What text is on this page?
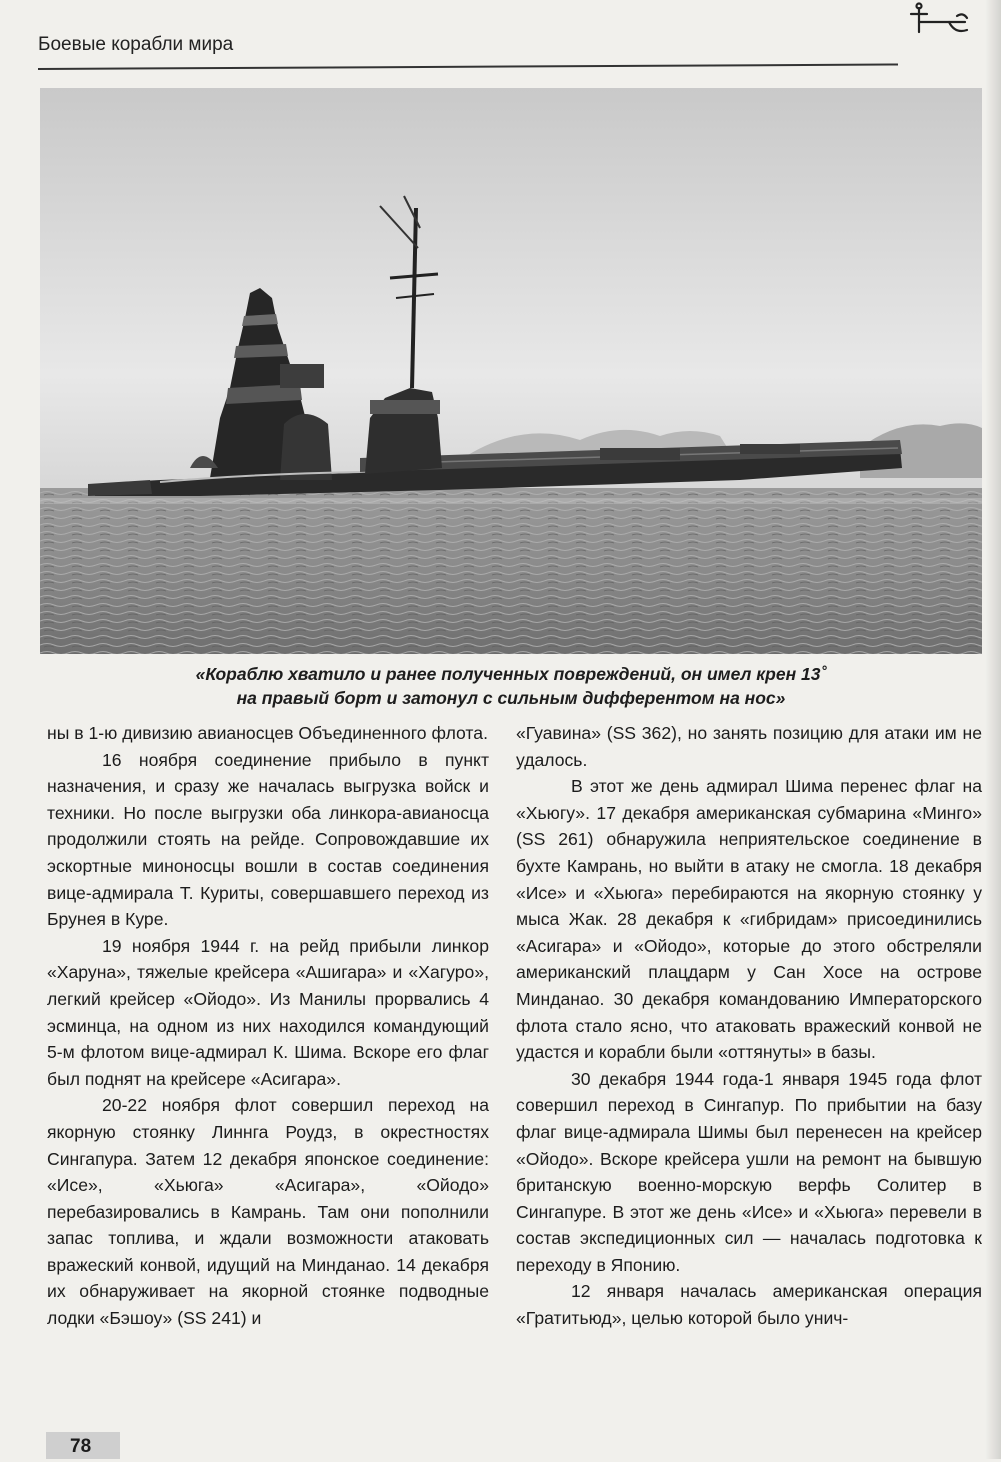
Боевые корабли мира
«Кораблю хватило и ранее полученных повреждений, он имел крен 13˚
на правый борт и затонул с сильным дифферентом на нос»

ны в 1-ю дивизию авианосцев Объединенного флота.

16 ноября соединение прибыло в пункт назначения, и сразу же началась выгрузка войск и техники. Но после выгрузки оба линкора-авианосца продолжили стоять на рейде. Сопровождавшие их эскортные миноносцы вошли в состав соединения вице-адмирала Т. Куриты, совершавшего переход из Брунея в Куре.

19 ноября 1944 г. на рейд прибыли линкор «Харуна», тяжелые крейсера «Ашигара» и «Хагуро», легкий крейсер «Ойодо». Из Манилы прорвались 4 эсминца, на одном из них находился командующий 5-м флотом вице-адмирал К. Шима. Вскоре его флаг был поднят на крейсере «Асигара».

20-22 ноября флот совершил переход на якорную стоянку Линнга Роудз, в окрестностях Сингапура. Затем 12 декабря японское соединение: «Исе», «Хьюга» «Асигара», «Ойодо» перебазировались в Камрань. Там они пополнили запас топлива, и ждали возможности атаковать вражеский конвой, идущий на Минданао. 14 декабря их обнаруживает на якорной стоянке подводные лодки «Бэшоу» (SS 241) и

«Гуавина» (SS 362), но занять позицию для атаки им не удалось.

В этот же день адмирал Шима перенес флаг на «Хьюгу». 17 декабря американская субмарина «Минго» (SS 261) обнаружила неприятельское соединение в бухте Камрань, но выйти в атаку не смогла. 18 декабря «Исе» и «Хьюга» перебираются на якорную стоянку у мыса Жак. 28 декабря к «гибридам» присоединились «Асигара» и «Ойодо», которые до этого обстреляли американский плацдарм у Сан Хосе на острове Минданао. 30 декабря командованию Императорского флота стало ясно, что атаковать вражеский конвой не удастся и корабли были «оттянуты» в базы.

30 декабря 1944 года-1 января 1945 года флот совершил переход в Сингапур. По прибытии на базу флаг вице-адмирала Шимы был перенесен на крейсер «Ойодо». Вскоре крейсера ушли на ремонт на бывшую британскую военно-морскую верфь Солитер в Сингапуре. В этот же день «Исе» и «Хьюга» перевели в состав экспедиционных сил — началась подготовка к переходу в Японию.

12 января началась американская операция «Гратитьюд», целью которой было унич-

78
